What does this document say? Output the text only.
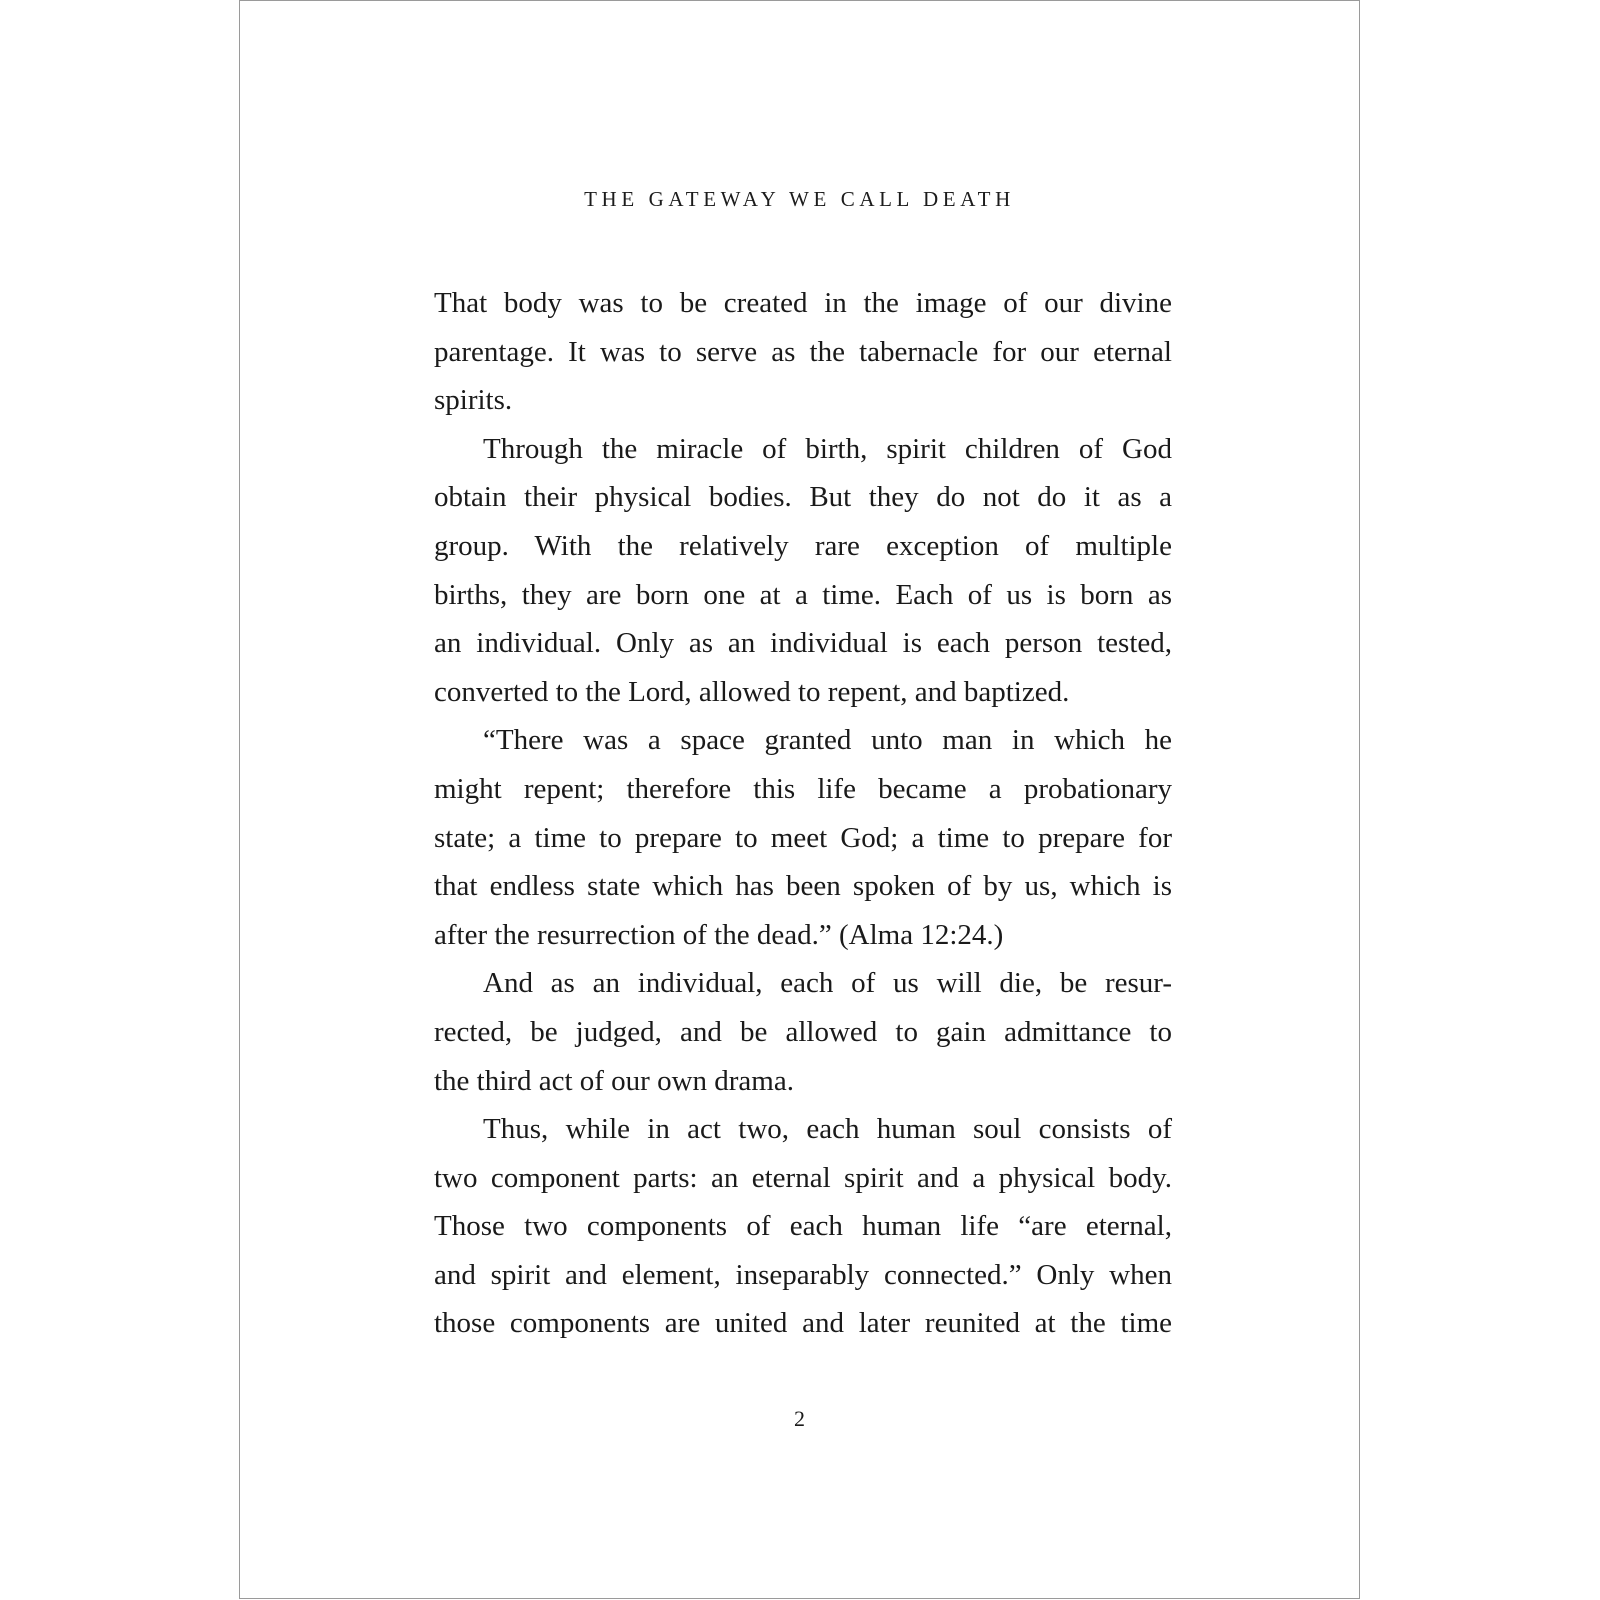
THE GATEWAY WE CALL DEATH
That body was to be created in the image of our divine
parentage. It was to serve as the tabernacle for our eternal
spirits.
Through the miracle of birth, spirit children of God
obtain their physical bodies. But they do not do it as a
group. With the relatively rare exception of multiple
births, they are born one at a time. Each of us is born as
an individual. Only as an individual is each person tested,
converted to the Lord, allowed to repent, and baptized.
“There was a space granted unto man in which he
might repent; therefore this life became a probationary
state; a time to prepare to meet God; a time to prepare for
that endless state which has been spoken of by us, which is
after the resurrection of the dead.” (Alma 12:24.)
And as an individual, each of us will die, be resur-
rected, be judged, and be allowed to gain admittance to
the third act of our own drama.
Thus, while in act two, each human soul consists of
two component parts: an eternal spirit and a physical body.
Those two components of each human life “are eternal,
and spirit and element, inseparably connected.” Only when
those components are united and later reunited at the time
2
